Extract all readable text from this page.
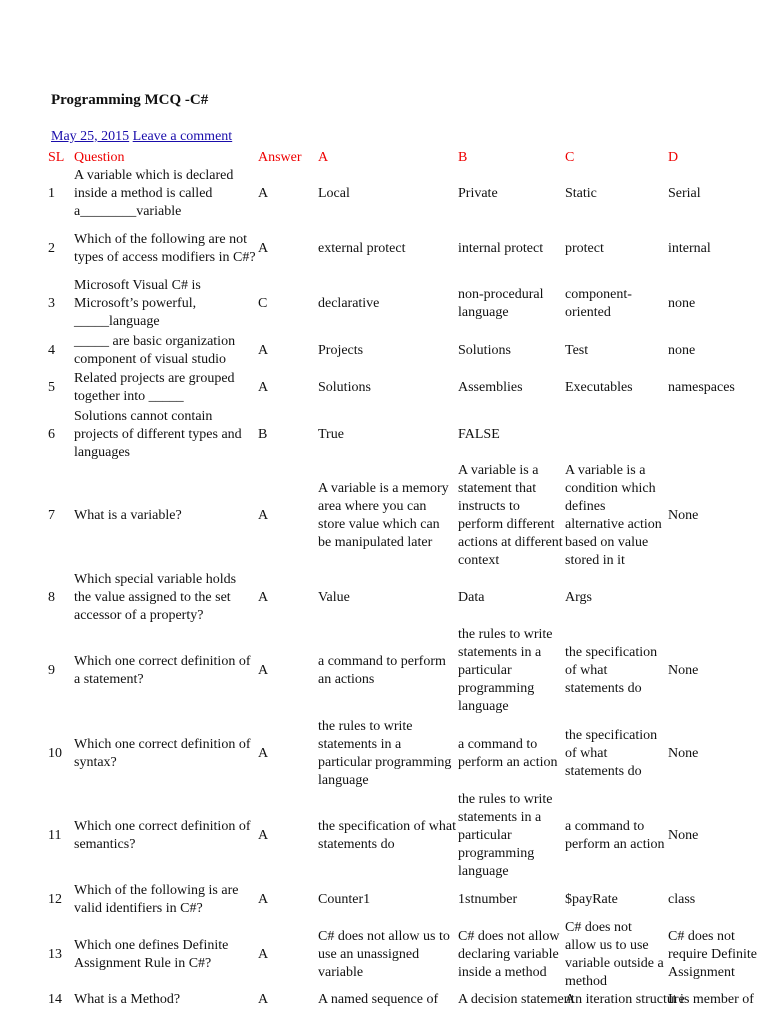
Programming MCQ -C#
May 25, 2015 Leave a comment
SL	Question	Answer	A	B	C	D
1	A variable which is declared inside a method is called a________variable	A	Local	Private	Static	Serial
2	Which of the following are not types of access modifiers in C#?	A	external protect	internal protect	protect	internal
3	Microsoft Visual C# is Microsoft’s powerful, _____language	C	declarative	non-procedural language	component-oriented	none
4	_____ are basic organization component of visual studio	A	Projects	Solutions	Test	none
5	Related projects are grouped together into _____	A	Solutions	Assemblies	Executables	namespaces
6	Solutions cannot contain projects of different types and languages	B	True	FALSE		
7	What is a variable?	A	A variable is a memory area where you can store value which can be manipulated later	A variable is a statement that instructs to perform different actions at different context	A variable is a condition which defines alternative action based on value stored in it	None
8	Which special variable holds the value assigned to the set accessor of a property?	A	Value	Data	Args	
9	Which one correct definition of a statement?	A	a command to perform an actions	the rules to write statements in a particular programming language	the specification of what statements do	None
10	Which one correct definition of syntax?	A	the rules to write statements in a particular programming language	a command to perform an action	the specification of what statements do	None
11	Which one correct definition of semantics?	A	the specification of what statements do	the rules to write statements in a particular programming language	a command to perform an action	None
12	Which of the following is are valid identifiers in C#?	A	Counter1	1stnumber	$payRate	class
13	Which one defines Definite Assignment Rule in C#?	A	C# does not allow us to use an unassigned variable	C# does not allow declaring variable inside a method	C# does not allow us to use variable outside a method	C# does not require Definite Assignment
14	What is a Method?	A	A named sequence of	A decision statement	An iteration structure	It is member of
